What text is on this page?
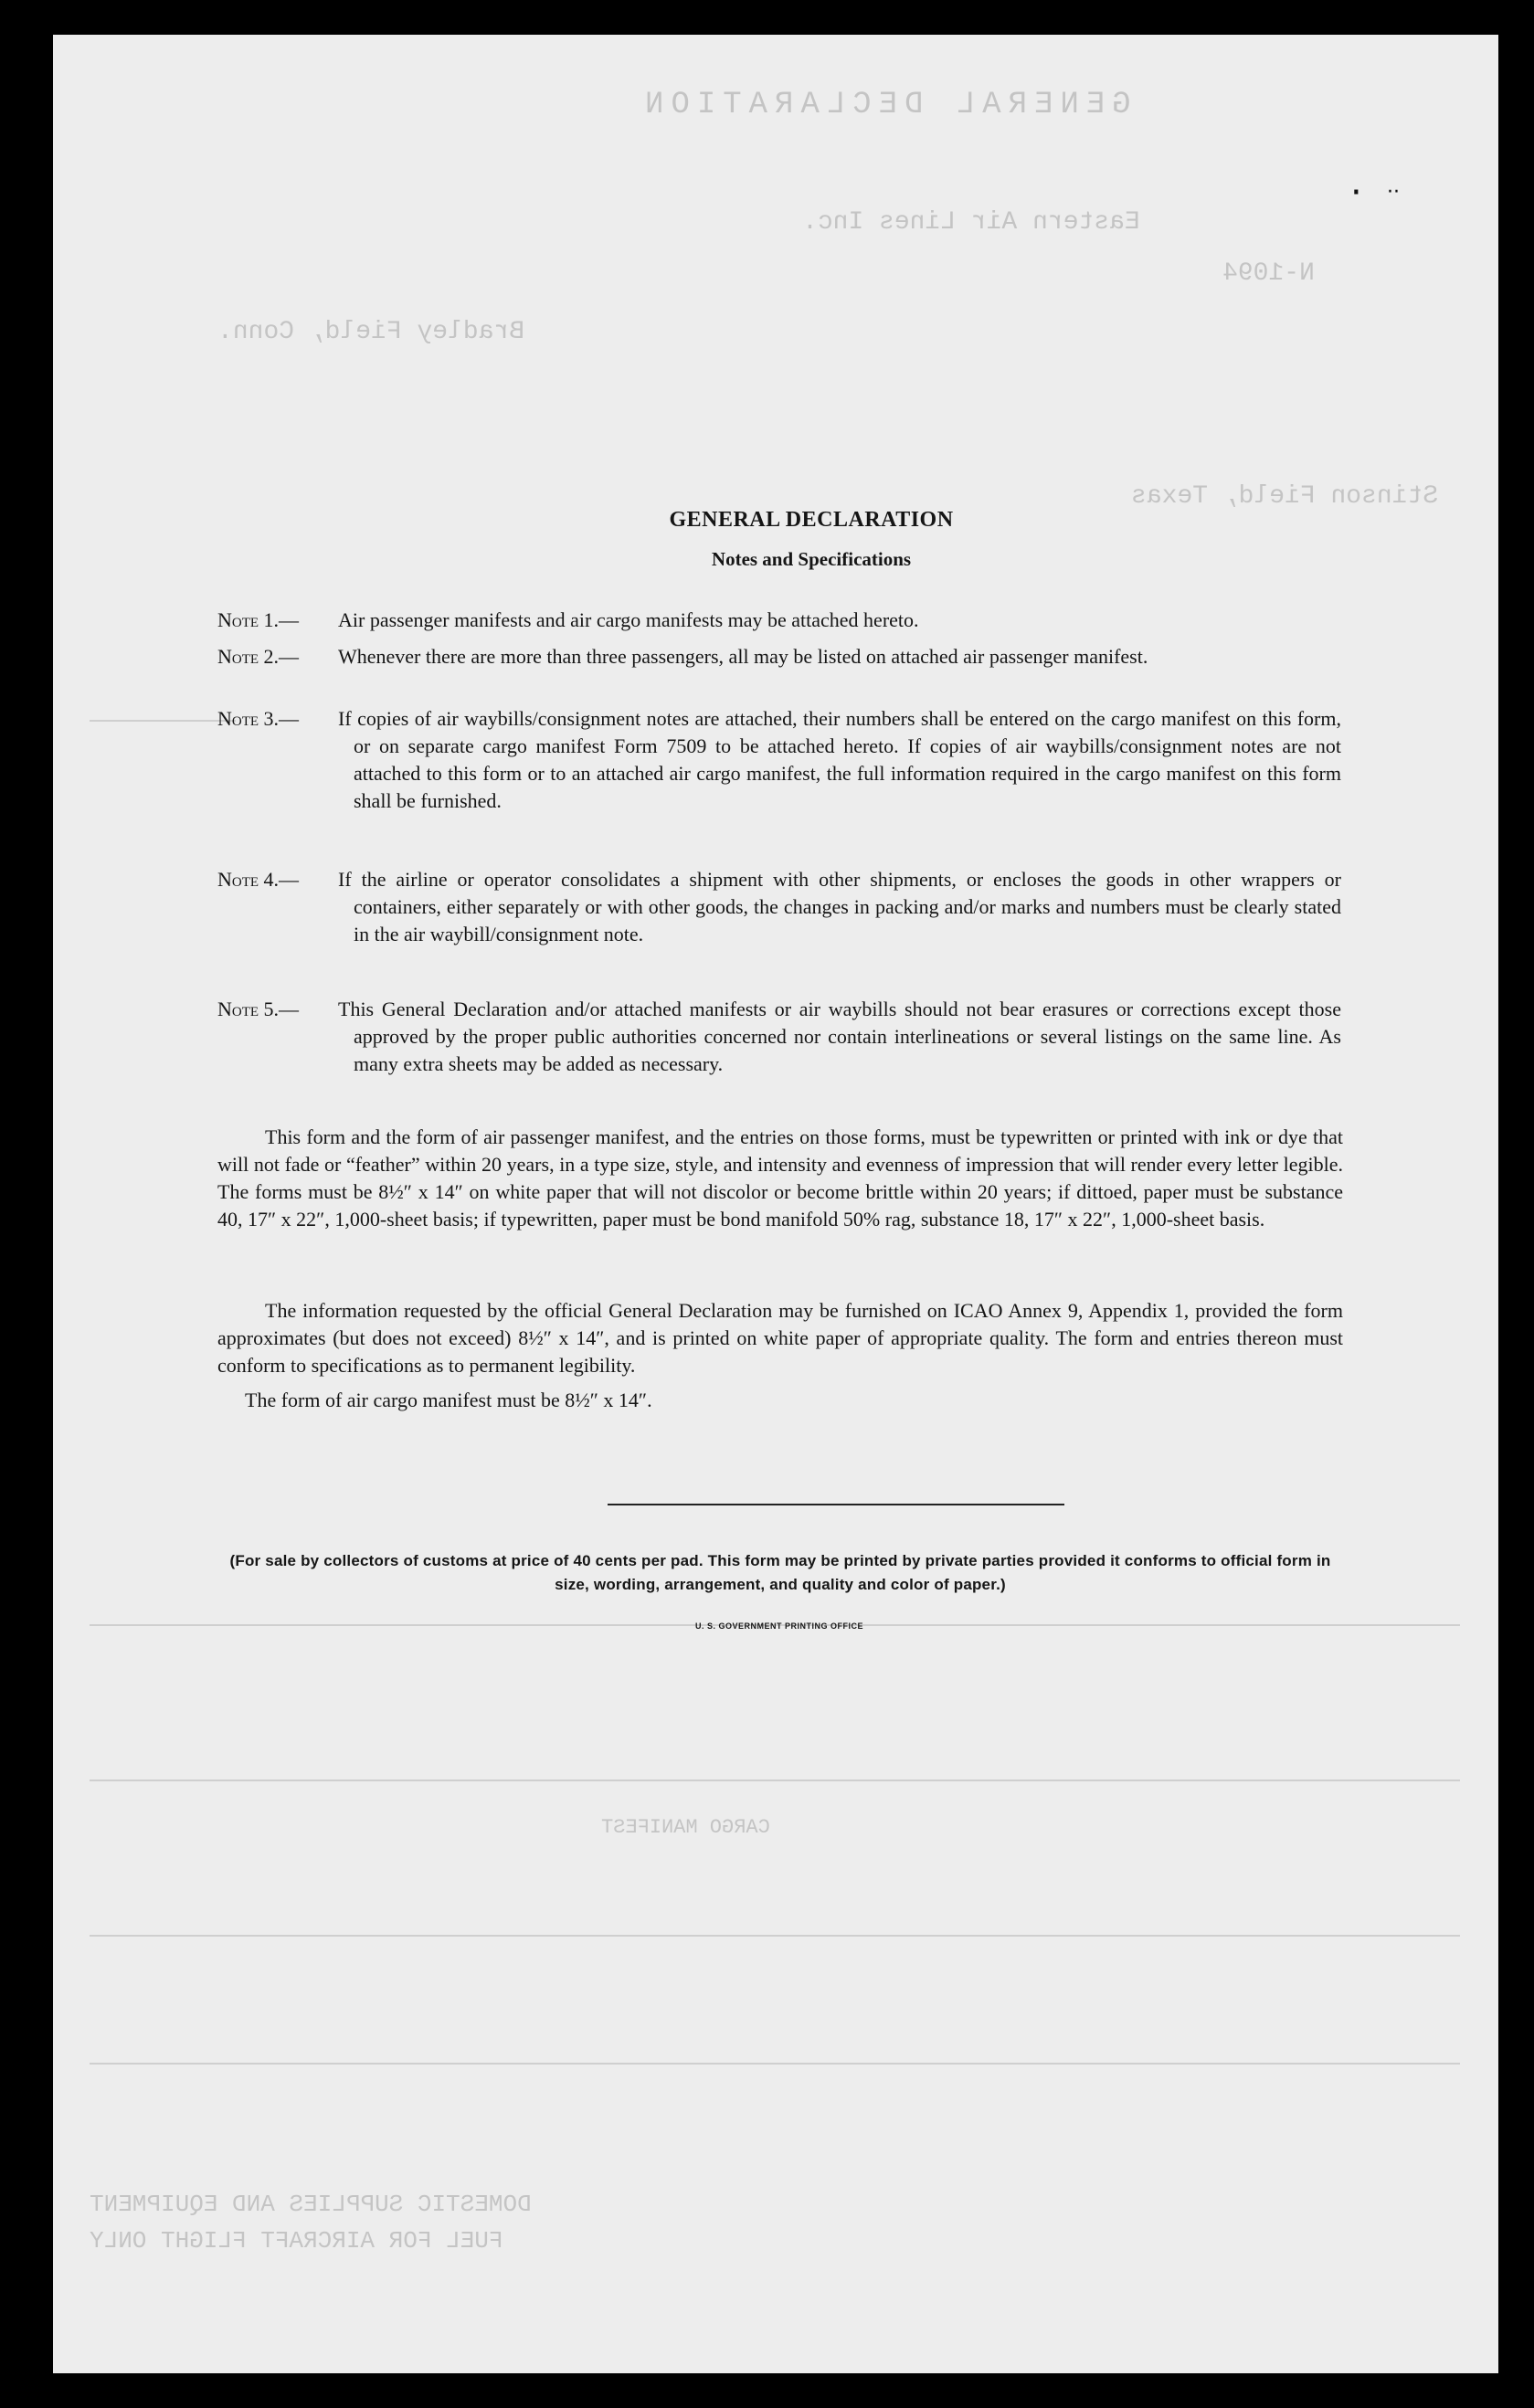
GENERAL DECLARATION
Eastern Air Lines Inc.
N-1094
Bradley Field, Conn.
Stinson Field, Texas
DOMESTIC SUPPLIES AND EQUIPMENT
FUEL FOR AIRCRAFT FLIGHT ONLY
CARGO MANIFEST
· ··
GENERAL DECLARATION
Notes and Specifications
Note 1.— Air passenger manifests and air cargo manifests may be attached hereto.
Note 2.— Whenever there are more than three passengers, all may be listed on attached air passenger manifest.
Note 3.— If copies of air waybills/consignment notes are attached, their numbers shall be entered on the cargo manifest on this form, or on separate cargo manifest Form 7509 to be attached hereto. If copies of air waybills/consignment notes are not attached to this form or to an attached air cargo manifest, the full information required in the cargo manifest on this form shall be furnished.
Note 4.— If the airline or operator consolidates a shipment with other shipments, or encloses the goods in other wrappers or containers, either separately or with other goods, the changes in packing and/or marks and numbers must be clearly stated in the air waybill/consignment note.
Note 5.— This General Declaration and/or attached manifests or air waybills should not bear erasures or corrections except those approved by the proper public authorities concerned nor contain interlineations or several listings on the same line. As many extra sheets may be added as necessary.
This form and the form of air passenger manifest, and the entries on those forms, must be typewritten or printed with ink or dye that will not fade or “feather” within 20 years, in a type size, style, and intensity and evenness of impression that will render every letter legible. The forms must be 8½″ x 14″ on white paper that will not discolor or become brittle within 20 years; if dittoed, paper must be substance 40, 17″ x 22″, 1,000-sheet basis; if typewritten, paper must be bond manifold 50% rag, substance 18, 17″ x 22″, 1,000-sheet basis.
The information requested by the official General Declaration may be furnished on ICAO Annex 9, Appendix 1, provided the form approximates (but does not exceed) 8½″ x 14″, and is printed on white paper of appropriate quality. The form and entries thereon must conform to specifications as to permanent legibility.
The form of air cargo manifest must be 8½″ x 14″.
(For sale by collectors of customs at price of 40 cents per pad. This form may be printed by private parties provided it conforms to official form in size, wording, arrangement, and quality and color of paper.)
U. S. GOVERNMENT PRINTING OFFICE
